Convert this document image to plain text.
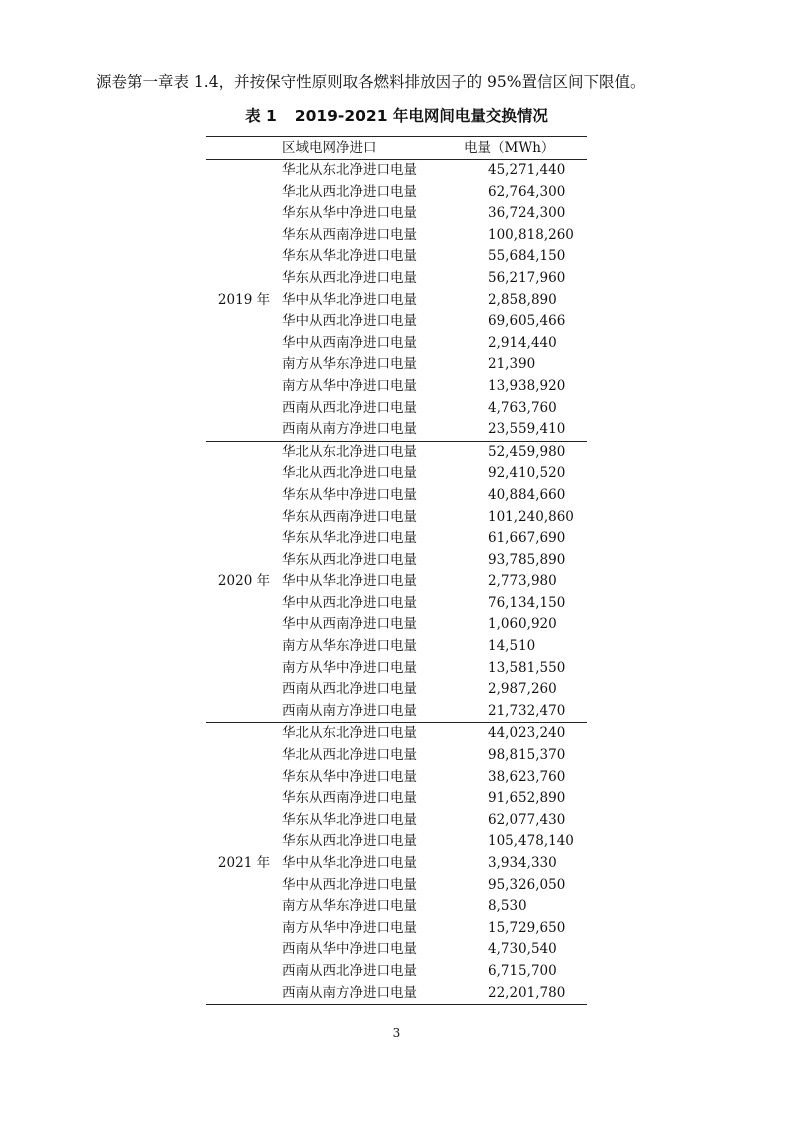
源卷第一章表 1.4，并按保守性原则取各燃料排放因子的 95%置信区间下限值。
表 1 2019-2021 年电网间电量交换情况
	区域电网净进口	电量（MWh）
2019 年	华北从东北净进口电量	45,271,440
	华北从西北净进口电量	62,764,300
	华东从华中净进口电量	36,724,300
	华东从西南净进口电量	100,818,260
	华东从华北净进口电量	55,684,150
	华东从西北净进口电量	56,217,960
	华中从华北净进口电量	2,858,890
	华中从西北净进口电量	69,605,466
	华中从西南净进口电量	2,914,440
	南方从华东净进口电量	21,390
	南方从华中净进口电量	13,938,920
	西南从西北净进口电量	4,763,760
	西南从南方净进口电量	23,559,410
2020 年	华北从东北净进口电量	52,459,980
	华北从西北净进口电量	92,410,520
	华东从华中净进口电量	40,884,660
	华东从西南净进口电量	101,240,860
	华东从华北净进口电量	61,667,690
	华东从西北净进口电量	93,785,890
	华中从华北净进口电量	2,773,980
	华中从西北净进口电量	76,134,150
	华中从西南净进口电量	1,060,920
	南方从华东净进口电量	14,510
	南方从华中净进口电量	13,581,550
	西南从西北净进口电量	2,987,260
	西南从南方净进口电量	21,732,470
2021 年	华北从东北净进口电量	44,023,240
	华北从西北净进口电量	98,815,370
	华东从华中净进口电量	38,623,760
	华东从西南净进口电量	91,652,890
	华东从华北净进口电量	62,077,430
	华东从西北净进口电量	105,478,140
	华中从华北净进口电量	3,934,330
	华中从西北净进口电量	95,326,050
	南方从华东净进口电量	8,530
	南方从华中净进口电量	15,729,650
	西南从华中净进口电量	4,730,540
	西南从西北净进口电量	6,715,700
	西南从南方净进口电量	22,201,780
3
